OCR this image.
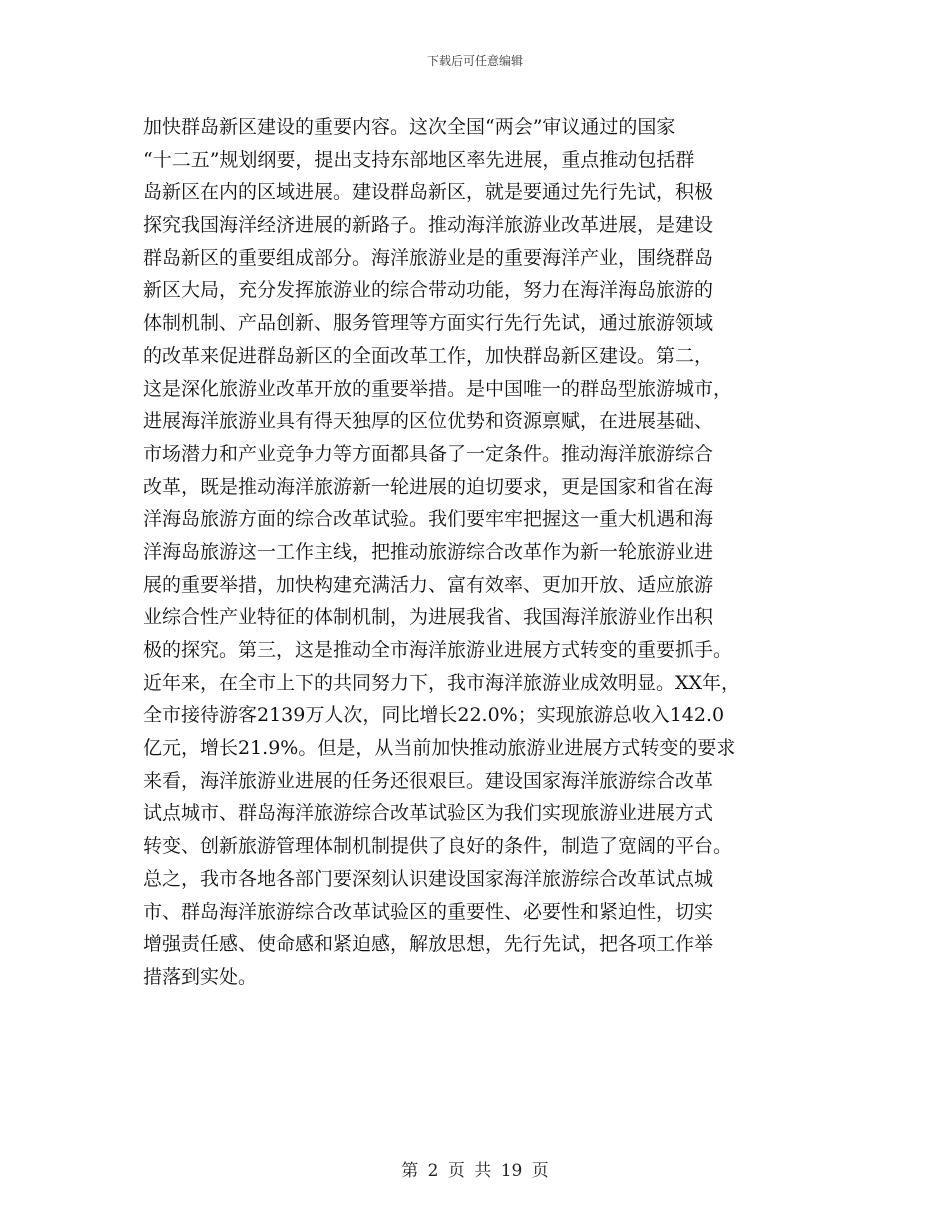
下载后可任意编辑
加快群岛新区建设的重要内容。这次全国“两会”审议通过的国家
“十二五”规划纲要，提出支持东部地区率先进展，重点推动包括群
岛新区在内的区域进展。建设群岛新区，就是要通过先行先试，积极
探究我国海洋经济进展的新路子。推动海洋旅游业改革进展，是建设
群岛新区的重要组成部分。海洋旅游业是的重要海洋产业，围绕群岛
新区大局，充分发挥旅游业的综合带动功能，努力在海洋海岛旅游的
体制机制、产品创新、服务管理等方面实行先行先试，通过旅游领域
的改革来促进群岛新区的全面改革工作，加快群岛新区建设。第二，
这是深化旅游业改革开放的重要举措。是中国唯一的群岛型旅游城市，
进展海洋旅游业具有得天独厚的区位优势和资源禀赋，在进展基础、
市场潜力和产业竞争力等方面都具备了一定条件。推动海洋旅游综合
改革，既是推动海洋旅游新一轮进展的迫切要求，更是国家和省在海
洋海岛旅游方面的综合改革试验。我们要牢牢把握这一重大机遇和海
洋海岛旅游这一工作主线，把推动旅游综合改革作为新一轮旅游业进
展的重要举措，加快构建充满活力、富有效率、更加开放、适应旅游
业综合性产业特征的体制机制，为进展我省、我国海洋旅游业作出积
极的探究。第三，这是推动全市海洋旅游业进展方式转变的重要抓手。
近年来，在全市上下的共同努力下，我市海洋旅游业成效明显。XX年，
全市接待游客2139万人次，同比增长22.0%；实现旅游总收入142.0
亿元，增长21.9%。但是，从当前加快推动旅游业进展方式转变的要求
来看，海洋旅游业进展的任务还很艰巨。建设国家海洋旅游综合改革
试点城市、群岛海洋旅游综合改革试验区为我们实现旅游业进展方式
转变、创新旅游管理体制机制提供了良好的条件，制造了宽阔的平台。
总之，我市各地各部门要深刻认识建设国家海洋旅游综合改革试点城
市、群岛海洋旅游综合改革试验区的重要性、必要性和紧迫性，切实
增强责任感、使命感和紧迫感，解放思想，先行先试，把各项工作举
措落到实处。
第 2 页 共 19 页
